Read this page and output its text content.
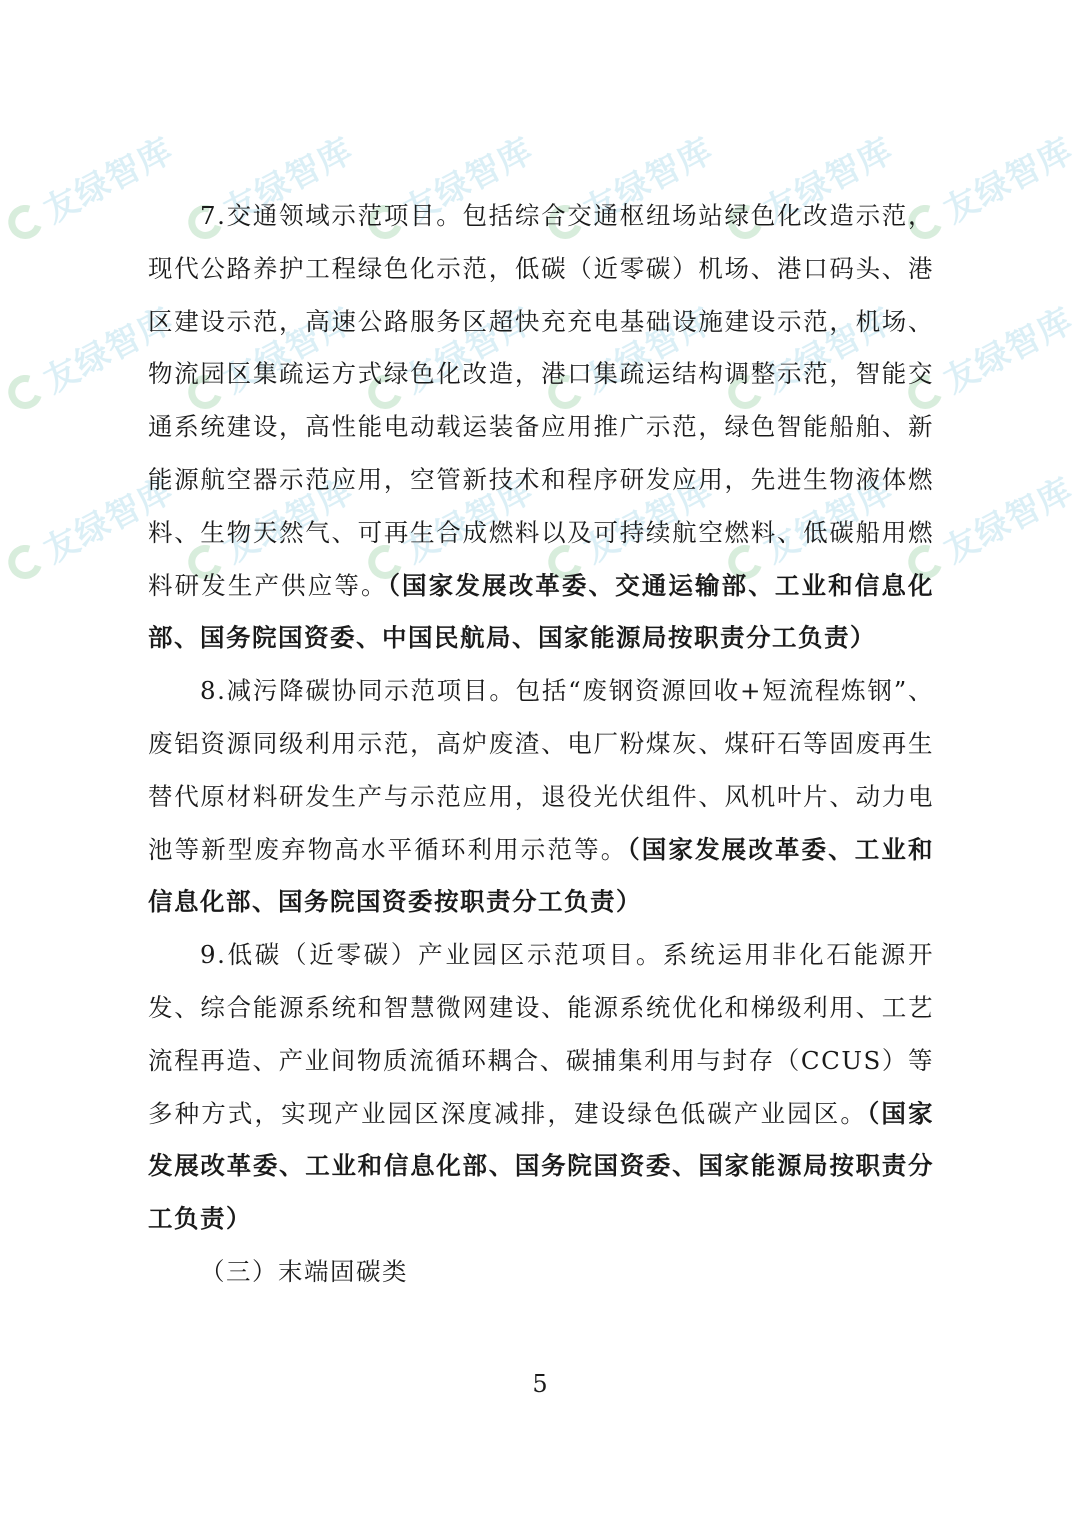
友绿智库 友绿智库 友绿智库 友绿智库 友绿智库 友绿智库
友绿智库 友绿智库 友绿智库 友绿智库 友绿智库 友绿智库
友绿智库 友绿智库 友绿智库 友绿智库 友绿智库 友绿智库

7.交通领域示范项目。包括综合交通枢纽场站绿色化改造示范，现代公路养护工程绿色化示范，低碳（近零碳）机场、港口码头、港区建设示范，高速公路服务区超快充充电基础设施建设示范，机场、物流园区集疏运方式绿色化改造，港口集疏运结构调整示范，智能交通系统建设，高性能电动载运装备应用推广示范，绿色智能船舶、新能源航空器示范应用，空管新技术和程序研发应用，先进生物液体燃料、生物天然气、可再生合成燃料以及可持续航空燃料、低碳船用燃料研发生产供应等。（国家发展改革委、交通运输部、工业和信息化部、国务院国资委、中国民航局、国家能源局按职责分工负责）

8.减污降碳协同示范项目。包括“废钢资源回收+短流程炼钢”、废铝资源同级利用示范，高炉废渣、电厂粉煤灰、煤矸石等固废再生替代原材料研发生产与示范应用，退役光伏组件、风机叶片、动力电池等新型废弃物高水平循环利用示范等。（国家发展改革委、工业和信息化部、国务院国资委按职责分工负责）

9.低碳（近零碳）产业园区示范项目。系统运用非化石能源开发、综合能源系统和智慧微网建设、能源系统优化和梯级利用、工艺流程再造、产业间物质流循环耦合、碳捕集利用与封存（CCUS）等多种方式，实现产业园区深度减排，建设绿色低碳产业园区。（国家发展改革委、工业和信息化部、国务院国资委、国家能源局按职责分工负责）

（三）末端固碳类

5
